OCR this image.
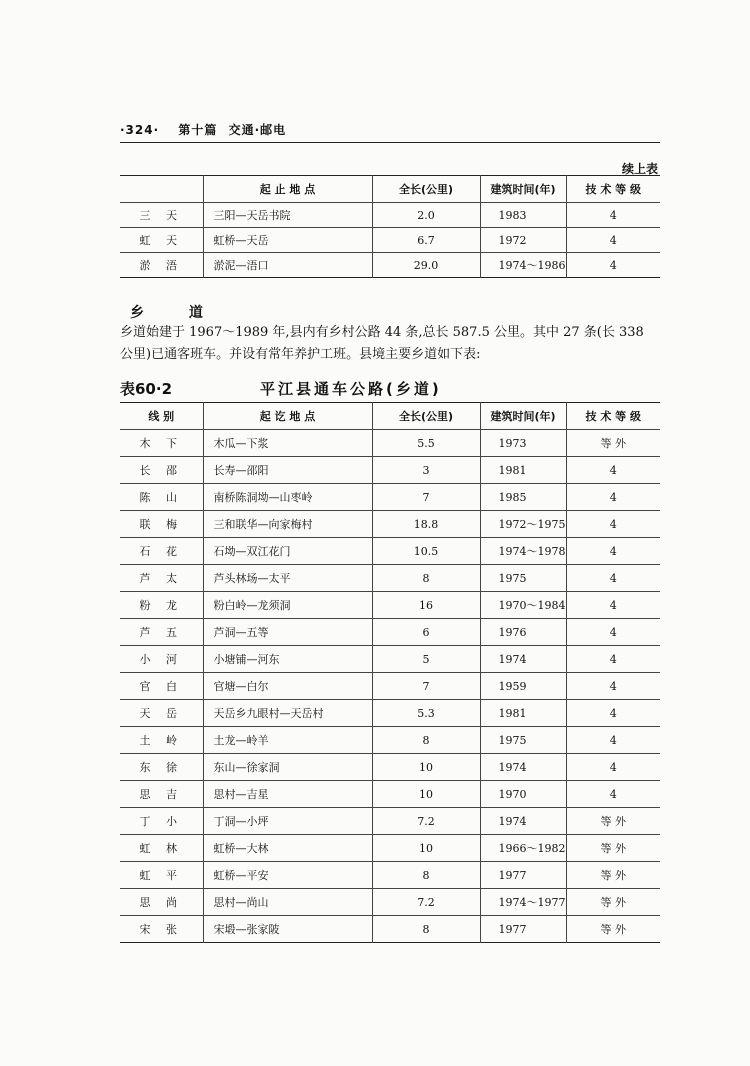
·324· 第十篇 交通·邮电
续上表
	起 止 地 点	全长(公里)	建筑时间(年)	技 术 等 级
三 天	三阳—天岳书院	2.0	1983	4
虹 天	虹桥—天岳	6.7	1972	4
淤 浯	淤泥—浯口	29.0	1974～1986	4
乡 道
乡道始建于 1967～1989 年,县内有乡村公路 44 条,总长 587.5 公里。其中 27 条(长 338
公里)已通客班车。并设有常年养护工班。县境主要乡道如下表:
表60·2	平江县通车公路(乡道)
线 别	起 讫 地 点	全长(公里)	建筑时间(年)	技 术 等 级
木 下	木瓜—下浆	5.5	1973	等 外
长 邵	长寿—邵阳	3	1981	4
陈 山	南桥陈洞坳—山枣岭	7	1985	4
联 梅	三和联华—向家梅村	18.8	1972～1975	4
石 花	石坳—双江花门	10.5	1974～1978	4
芦 太	芦头林场—太平	8	1975	4
粉 龙	粉白岭—龙须洞	16	1970～1984	4
芦 五	芦洞—五等	6	1976	4
小 河	小塘铺—河东	5	1974	4
官 白	官塘—白尔	7	1959	4
天 岳	天岳乡九眼村—天岳村	5.3	1981	4
土 岭	土龙—岭羊	8	1975	4
东 徐	东山—徐家洞	10	1974	4
思 吉	思村—吉星	10	1970	4
丁 小	丁洞—小坪	7.2	1974	等 外
虹 林	虹桥—大林	10	1966～1982	等 外
虹 平	虹桥—平安	8	1977	等 外
思 尚	思村—尚山	7.2	1974～1977	等 外
宋 张	宋塅—张家陂	8	1977	等 外
